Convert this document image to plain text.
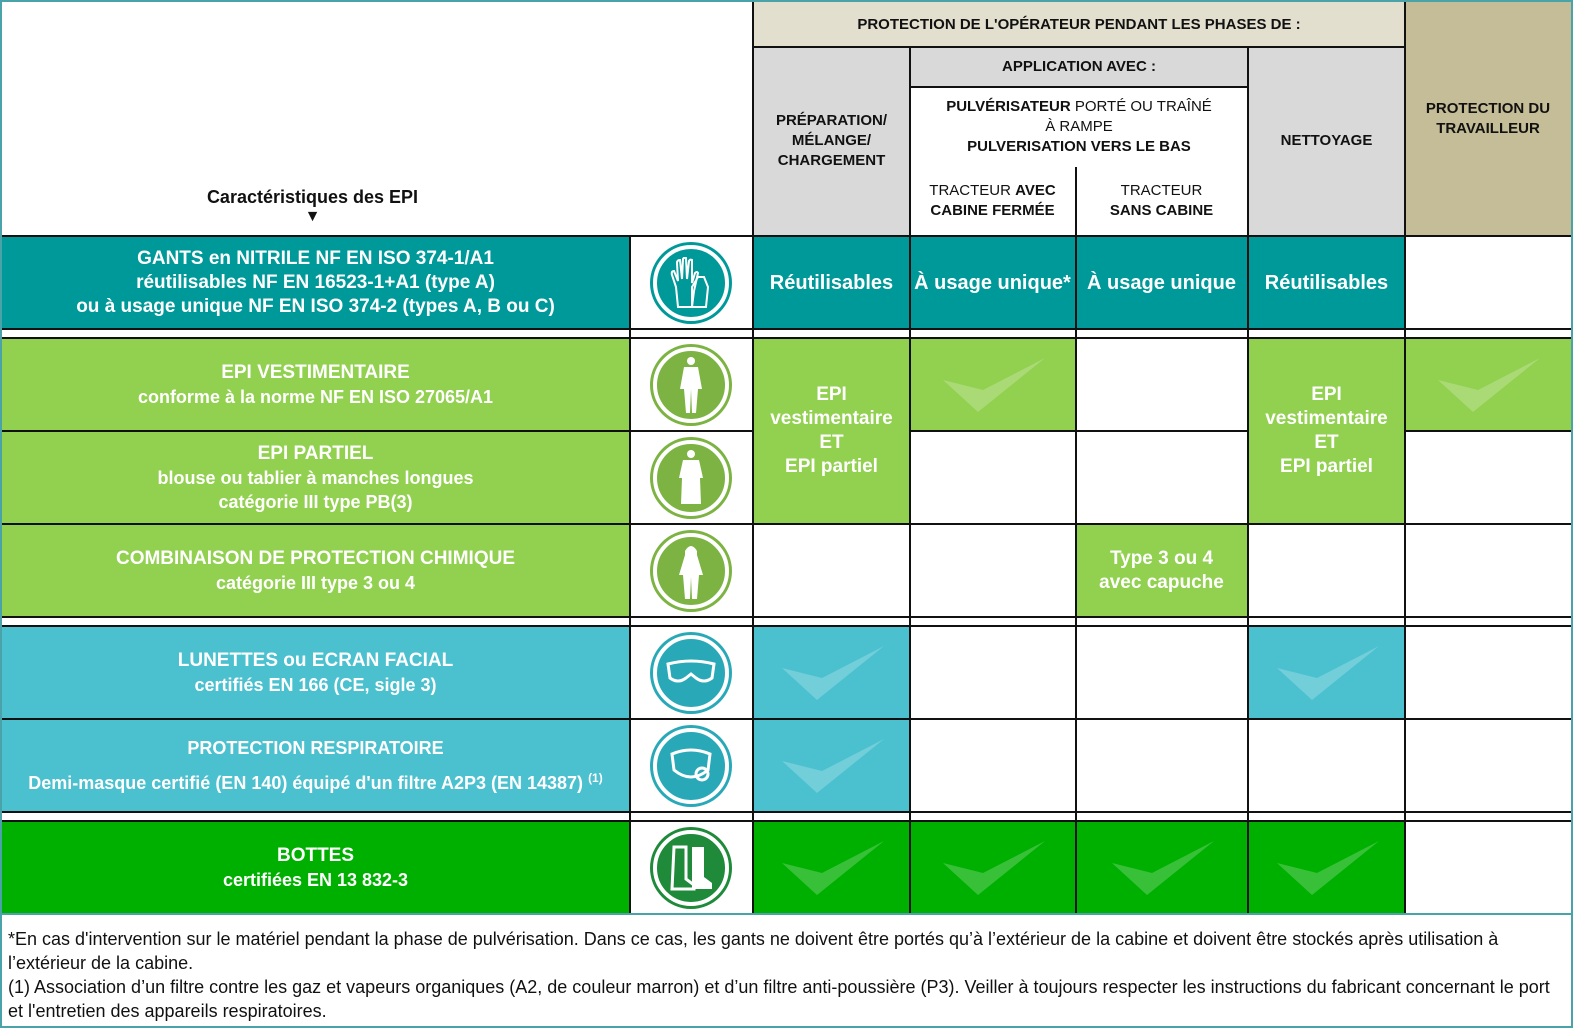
Caractéristiques des EPI
▼
PROTECTION DE L'OPÉRATEUR PENDANT LES PHASES DE :
PRÉPARATION/ MÉLANGE/ CHARGEMENT
APPLICATION AVEC :
PULVÉRISATEUR PORTÉ OU TRAÎNÉ
À RAMPE
PULVERISATION VERS LE BAS
TRACTEUR AVEC
CABINE FERMÉE
TRACTEUR
SANS CABINE
NETTOYAGE
PROTECTION DU TRAVAILLEUR
GANTS en NITRILE NF EN ISO 374-1/A1
réutilisables NF EN 16523-1+A1 (type A)
ou à usage unique NF EN ISO 374-2 (types A, B ou C)
Réutilisables À usage unique* À usage unique Réutilisables
EPI VESTIMENTAIRE
conforme à la norme NF EN ISO 27065/A1	EPI
vestimentaire
ET
EPI partiel
EPI
vestimentaire
ET
EPI partiel
EPI PARTIEL
blouse ou tablier à manches longues
catégorie III type PB(3)
COMBINAISON DE PROTECTION CHIMIQUE
catégorie III type 3 ou 4
Type 3 ou 4
avec capuche
LUNETTES ou ECRAN FACIAL
certifiés EN 166 (CE, sigle 3)
PROTECTION RESPIRATOIRE
Demi-masque certifié (EN 140) équipé d'un filtre A2P3 (EN 14387) $^{(1)}$
BOTTES
certifiées EN 13 832-3
*En cas d'intervention sur le matériel pendant la phase de pulvérisation. Dans ce cas, les gants ne doivent être portés qu’à l’extérieur de la cabine et doivent être stockés après utilisation à l’extérieur de la cabine.
(1) Association d’un filtre contre les gaz et vapeurs organiques (A2, de couleur marron) et d’un filtre anti-poussière (P3). Veiller à toujours respecter les instructions du fabricant concernant le port et l'entretien des appareils respiratoires.
